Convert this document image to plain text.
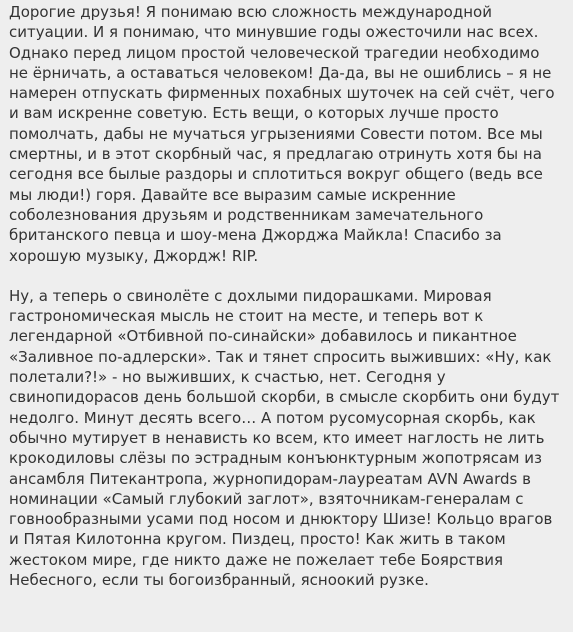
Дорогие друзья! Я понимаю всю сложность международной ситуации. И я понимаю, что минувшие годы ожесточили нас всех. Однако перед лицом простой человеческой трагедии необходимо не ёрничать, а оставаться человеком! Да-да, вы не ошиблись – я не намерен отпускать фирменных похабных шуточек на сей счёт, чего и вам искренне советую. Есть вещи, о которых лучше просто помолчать, дабы не мучаться угрызениями Совести потом. Все мы смертны, и в этот скорбный час, я предлагаю отринуть хотя бы на сегодня все былые раздоры и сплотиться вокруг общего (ведь все мы люди!) горя. Давайте все выразим самые искренние соболезнования друзьям и родственникам замечательного британского певца и шоу-мена Джорджа Майкла! Спасибо за хорошую музыку, Джордж! RIP.

Ну, а теперь о свинолёте с дохлыми пидорашками. Мировая гастрономическая мысль не стоит на месте, и теперь вот к легендарной «Отбивной по-синайски» добавилось и пикантное «Заливное по-адлерски». Так и тянет спросить выживших: «Ну, как полетали?!» - но выживших, к счастью, нет. Сегодня у свинопидорасов день большой скорби, в смысле скорбить они будут недолго. Минут десять всего… А потом русомусорная скорбь, как обычно мутирует в ненависть ко всем, кто имеет наглость не лить крокодиловы слёзы по эстрадным конъюнктурным жопотрясам из ансамбля Питекантропа, журнопидорам-лауреатам AVN Awards в номинации «Самый глубокий заглот», взяточникам-генералам с говнообразными усами под носом и днюктору Шизе! Кольцо врагов и Пятая Килотонна кругом. Пиздец, просто! Как жить в таком жестоком мире, где никто даже не пожелает тебе Боярствия Небесного, если ты богоизбранный, ясноокий рузке.
